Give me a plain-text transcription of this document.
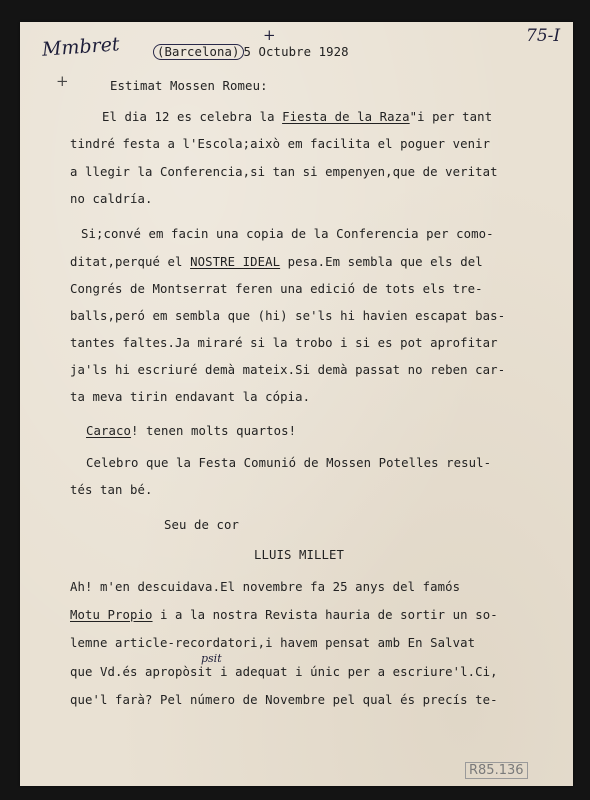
Mmbret
+
+	75-I
(Barcelona) 5 Octubre 1928
Estimat Mossen Romeu:
El dia 12 es celebra la Fiesta de la Raza"i per tant
tindré festa a l'Escola;això em facilita el poguer venir
a llegir la Conferencia,si tan si empenyen,que de veritat
no caldría.
Si;convé em facin una copia de la Conferencia per como-
ditat,perqué el NOSTRE IDEAL pesa.Em sembla que els del
Congrés de Montserrat feren una edició de tots els tre-
balls,peró em sembla que (hi) se'ls hi havien escapat bas-
tantes faltes.Ja miraré si la trobo i si es pot aprofitar
ja'ls hi escriuré demà mateix.Si demà passat no reben car-
ta meva tirin endavant la cópia.
Caraco! tenen molts quartos!
Celebro que la Festa Comunió de Mossen Potelles resul-
tés tan bé.
Seu de cor
LLUIS MILLET
Ah! m'en descuidava.El novembre fa 25 anys del famós
Motu Propio i a la nostra Revista hauria de sortir un so-
lemne article-recordatori,i havem pensat amb En Salvat
psit
que Vd.és apropòsit i adequat i únic per a escriure'l.Ci,
que'l farà? Pel número de Novembre pel qual és precís te-
R85.136
